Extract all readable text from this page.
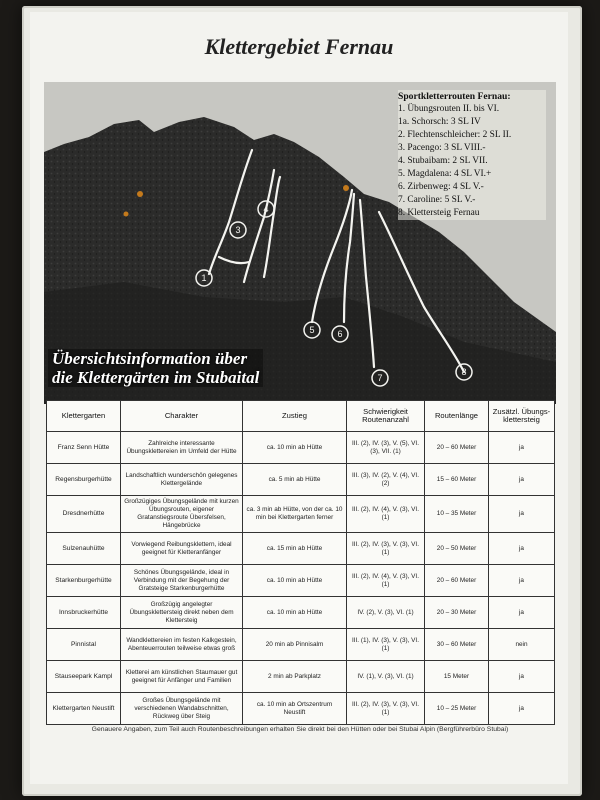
Klettergebiet Fernau
1
3
4
5	6
7
8
Sportkletterrouten Fernau:
1. Übungsrouten II. bis VI.
1a. Schorsch: 3 SL IV
2. Flechtenschleicher: 2 SL II.
3. Pacengo: 3 SL VIII.-
4. Stubaibam: 2 SL VII.
5. Magdalena: 4 SL VI.+
6. Zirbenweg: 4 SL V.-
7. Caroline: 5 SL V.-
8. Klettersteig Fernau
Übersichtsinformation über
die Klettergärten im Stubaital
Klettergarten	Charakter	Zustieg	Schwierigkeit Routenanzahl	Routenlänge	Zusätzl. Übungs-klettersteig
Franz Senn Hütte	Zahlreiche interessante Übungsklettereien im Umfeld der Hütte	ca. 10 min ab Hütte	III. (2), IV. (3), V. (5), VI. (3), VII. (1)	20 – 60 Meter	ja
Regensburgerhütte	Landschaftlich wunderschön gelegenes Klettergelände	ca. 5 min ab Hütte	III. (3), IV. (2), V. (4), VI. (2)	15 – 60 Meter	ja
Dresdnerhütte	Großzügiges Übungsgelände mit kurzen Übungsrouten, eigener Gratanstiegsroute Übersfelsen, Hängebrücke	ca. 3 min ab Hütte, von der ca. 10 min bei Klettergarten ferner	III. (2), IV. (4), V. (3), VI. (1)	10 – 35 Meter	ja
Sulzenauhütte	Vorwiegend Reibungsklettern, ideal geeignet für Kletteranfänger	ca. 15 min ab Hütte	III. (2), IV. (3), V. (3), VI. (1)	20 – 50 Meter	ja
Starkenburgerhütte	Schönes Übungsgelände, ideal in Verbindung mit der Begehung der Gratsteige Starkenburgerhütte	ca. 10 min ab Hütte	III. (2), IV. (4), V. (3), VI. (1)	20 – 60 Meter	ja
Innsbruckerhütte	Großzügig angelegter Übungsklettersteig direkt neben dem Klettersteig	ca. 10 min ab Hütte	IV. (2), V. (3), VI. (1)	20 – 30 Meter	ja
Pinnistal	Wandklettereien im festen Kalkgestein, Abenteuerrouten teilweise etwas groß	20 min ab Pinnisalm	III. (1), IV. (3), V. (3), VI. (1)	30 – 60 Meter	nein
Stauseepark Kampl	Kletterei am künstlichen Staumauer gut geeignet für Anfänger und Familien	2 min ab Parkplatz	IV. (1), V. (3), VI. (1)	15 Meter	ja
Klettergarten Neustift	Großes Übungsgelände mit verschiedenen Wandabschnitten, Rückweg über Steig	ca. 10 min ab Ortszentrum Neustift	III. (2), IV. (3), V. (3), VI. (1)	10 – 25 Meter	ja
Genauere Angaben, zum Teil auch Routenbeschreibungen erhalten Sie direkt bei den Hütten oder bei Stubai Alpin (Bergführerbüro Stubai)
